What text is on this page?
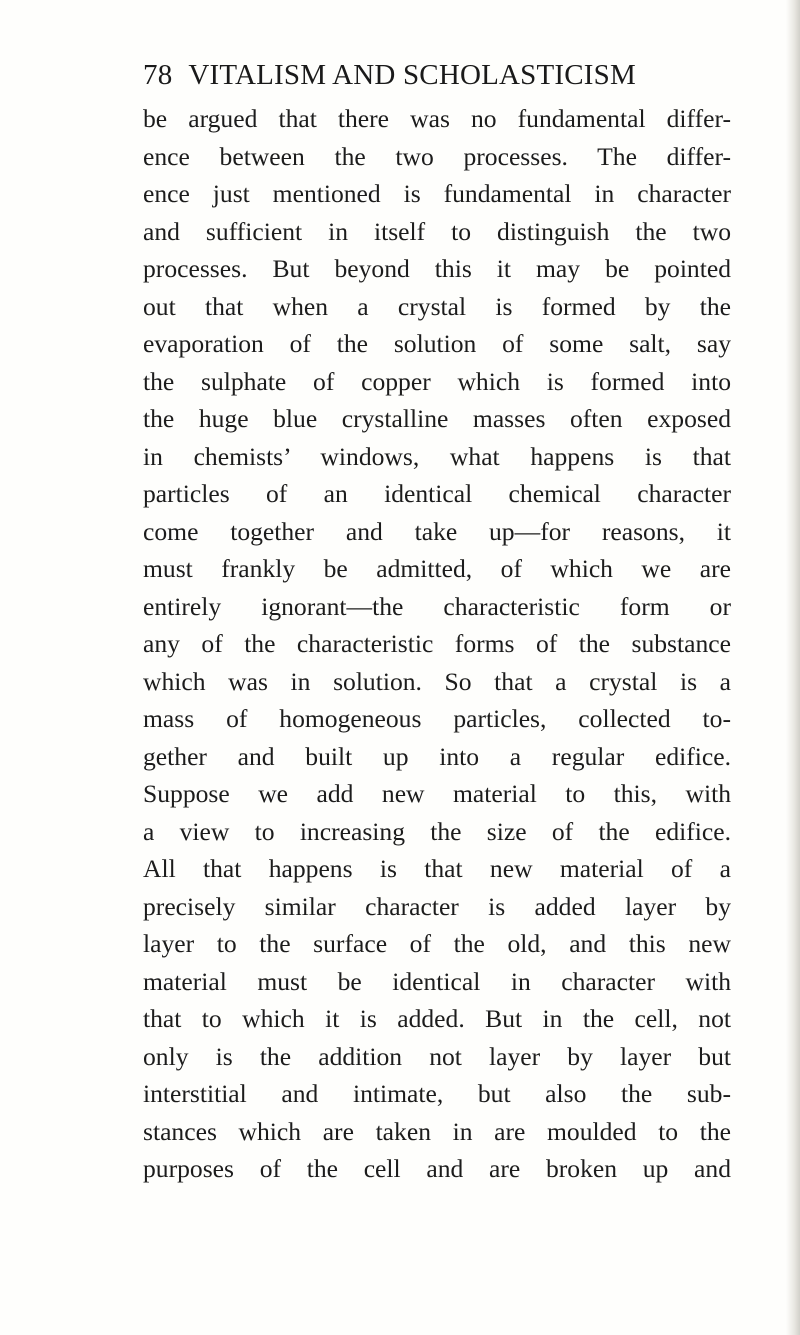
78 VITALISM AND SCHOLASTICISM

be argued that there was no fundamental differ-
ence between the two processes. The differ-
ence just mentioned is fundamental in character
and sufficient in itself to distinguish the two
processes. But beyond this it may be pointed
out that when a crystal is formed by the
evaporation of the solution of some salt, say
the sulphate of copper which is formed into
the huge blue crystalline masses often exposed
in chemists’ windows, what happens is that
particles of an identical chemical character
come together and take up—for reasons, it
must frankly be admitted, of which we are
entirely ignorant—the characteristic form or
any of the characteristic forms of the substance
which was in solution. So that a crystal is a
mass of homogeneous particles, collected to-
gether and built up into a regular edifice.
Suppose we add new material to this, with
a view to increasing the size of the edifice.
All that happens is that new material of a
precisely similar character is added layer by
layer to the surface of the old, and this new
material must be identical in character with
that to which it is added. But in the cell, not
only is the addition not layer by layer but
interstitial and intimate, but also the sub-
stances which are taken in are moulded to the
purposes of the cell and are broken up and
